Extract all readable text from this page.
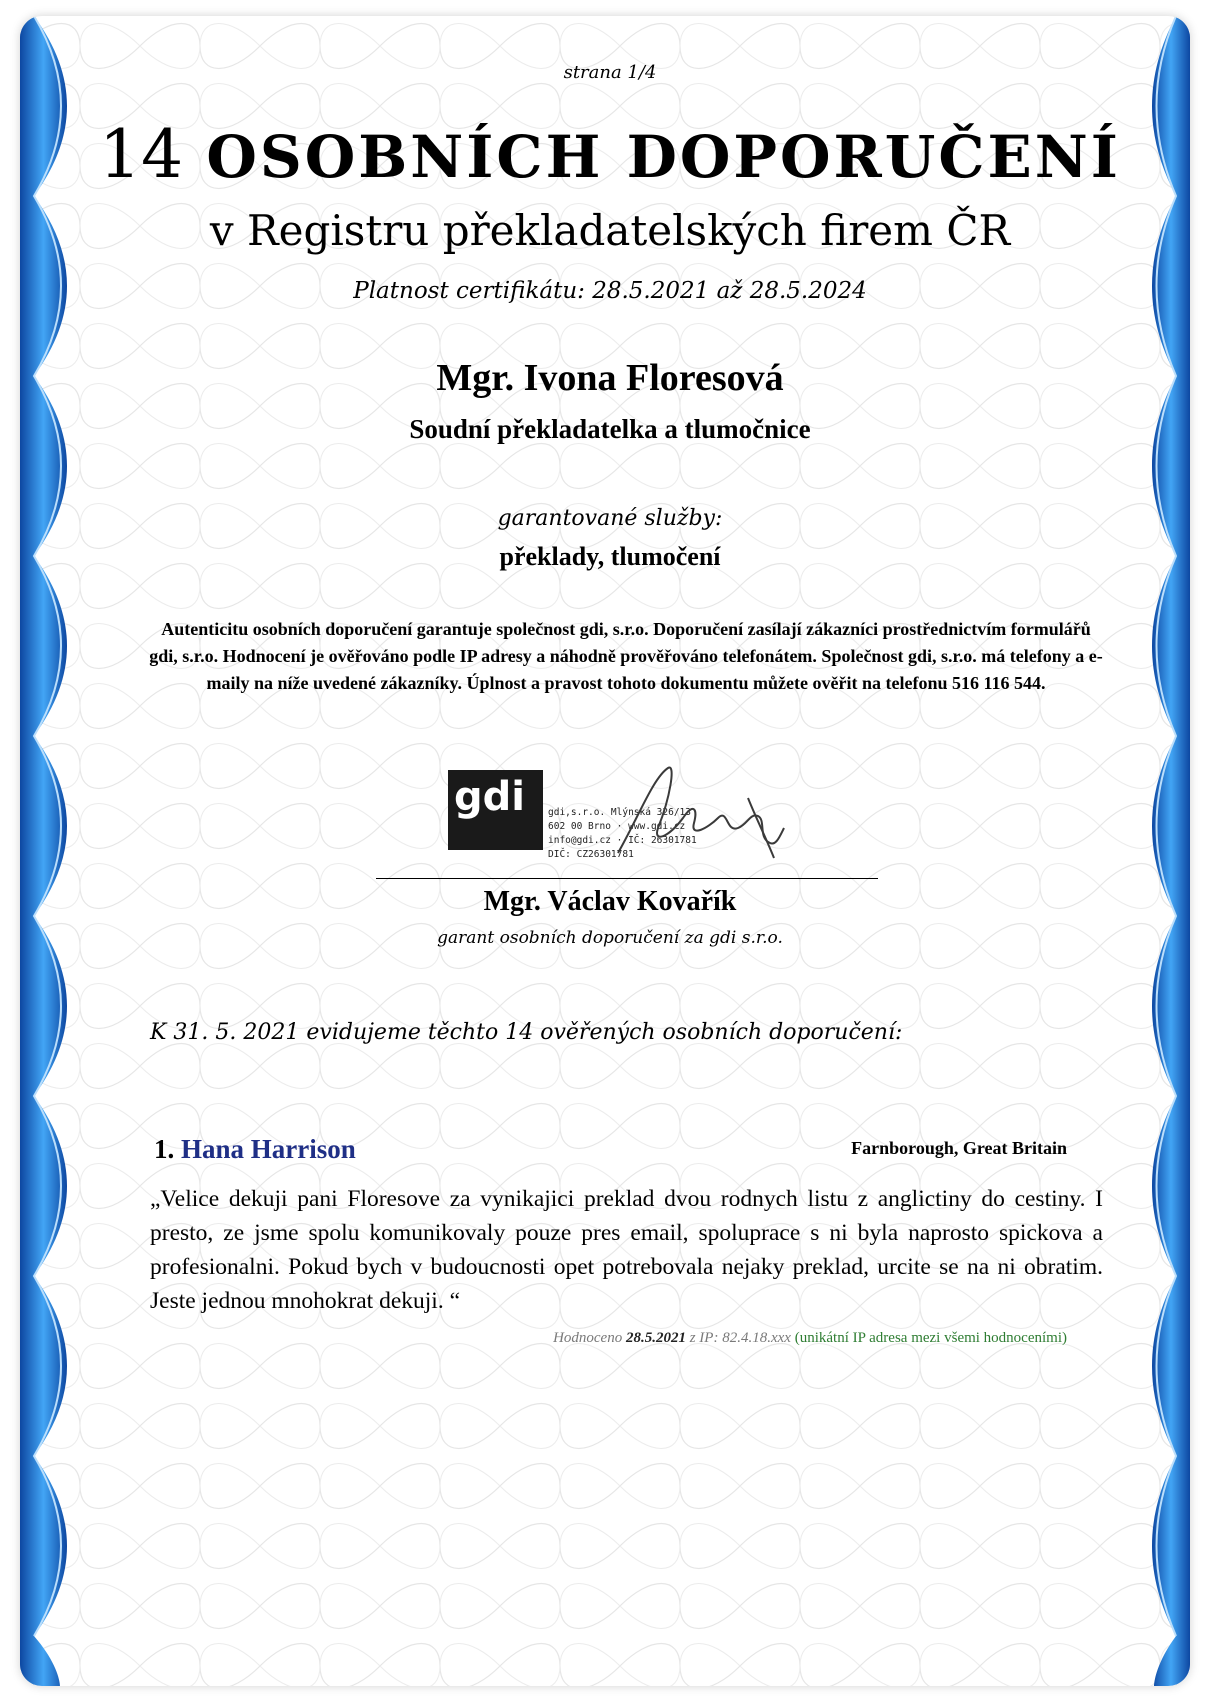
strana 1/4
14 OSOBNÍCH DOPORUČENÍ
v Registru překladatelských firem ČR
Platnost certifikátu: 28.5.2021 až 28.5.2024
Mgr. Ivona Floresová
Soudní překladatelka a tlumočnice
garantované služby:
překlady, tlumočení
Autenticitu osobních doporučení garantuje společnost gdi, s.r.o. Doporučení zasílají zákazníci prostřednictvím formulářů gdi, s.r.o. Hodnocení je ověřováno podle IP adresy a náhodně prověřováno telefonátem. Společnost gdi, s.r.o. má telefony a e-maily na níže uvedené zákazníky. Úplnost a pravost tohoto dokumentu můžete ověřit na telefonu 516 116 544.
gdi gdi,s.r.o. Mlýnská 326/13
602 00 Brno · www.gdi.cz
info@gdi.cz · IČ: 26301781
DIČ: CZ26301781
Mgr. Václav Kovařík
garant osobních doporučení za gdi s.r.o.
K 31. 5. 2021 evidujeme těchto 14 ověřených osobních doporučení:
1. Hana Harrison	Farnborough, Great Britain
„Velice dekuji pani Floresove za vynikajici preklad dvou rodnych listu z anglictiny do cestiny. I presto, ze jsme spolu komunikovaly pouze pres email, spoluprace s ni byla naprosto spickova a profesionalni. Pokud bych v budoucnosti opet potrebovala nejaky preklad, urcite se na ni obratim. Jeste jednou mnohokrat dekuji. “
Hodnoceno 28.5.2021 z IP: 82.4.18.xxx (unikátní IP adresa mezi všemi hodnoceními)
